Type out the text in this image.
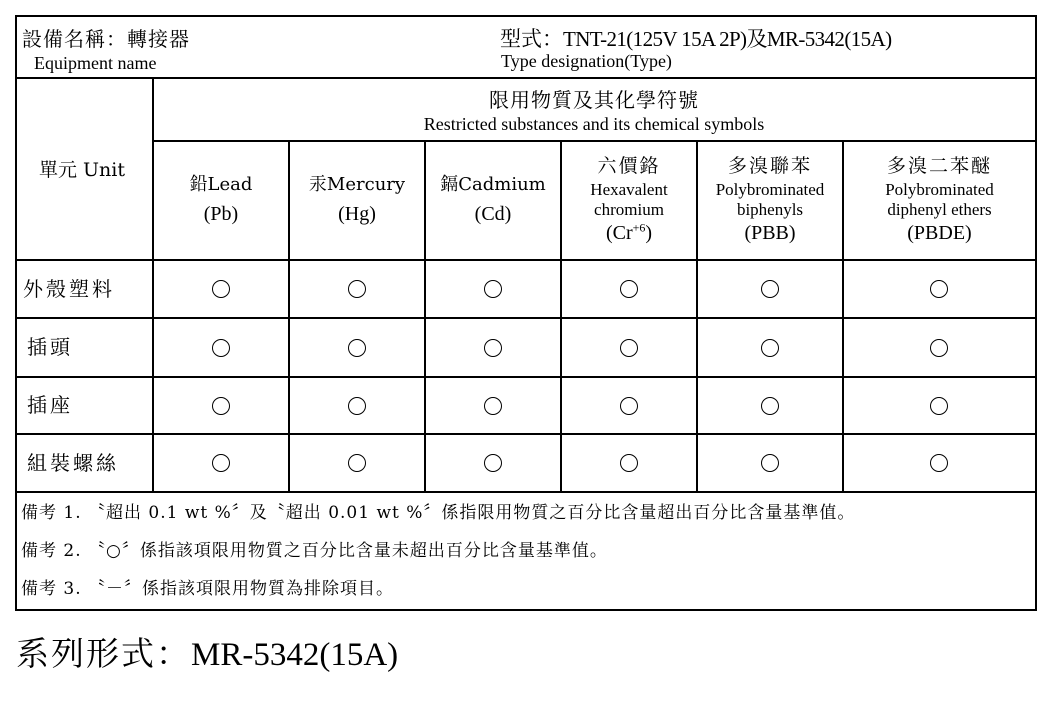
設備名稱：轉接器
Equipment name
型式：TNT-21(125V 15A 2P)及MR-5342(15A)
Type designation(Type)
單元 Unit
限用物質及其化學符號
Restricted substances and its chemical symbols
鉛Lead
(Pb)
汞Mercury
(Hg)
鎘Cadmium
(Cd)
六價鉻
Hexavalent chromium
$(Cr^{+6})$
多溴聯苯
Polybrominated biphenyls
(PBB)
多溴二苯醚
Polybrominated diphenyl ethers
(PBDE)
外殼塑料
插頭
插座
組裝螺絲
備考 1. 〝超出 0.1 wt %〞及〝超出 0.01 wt %〞係指限用物質之百分比含量超出百分比含量基準值。
備考 2. 〝○〞係指該項限用物質之百分比含量未超出百分比含量基準值。
備考 3. 〝－〞係指該項限用物質為排除項目。
系列形式：MR-5342(15A)
